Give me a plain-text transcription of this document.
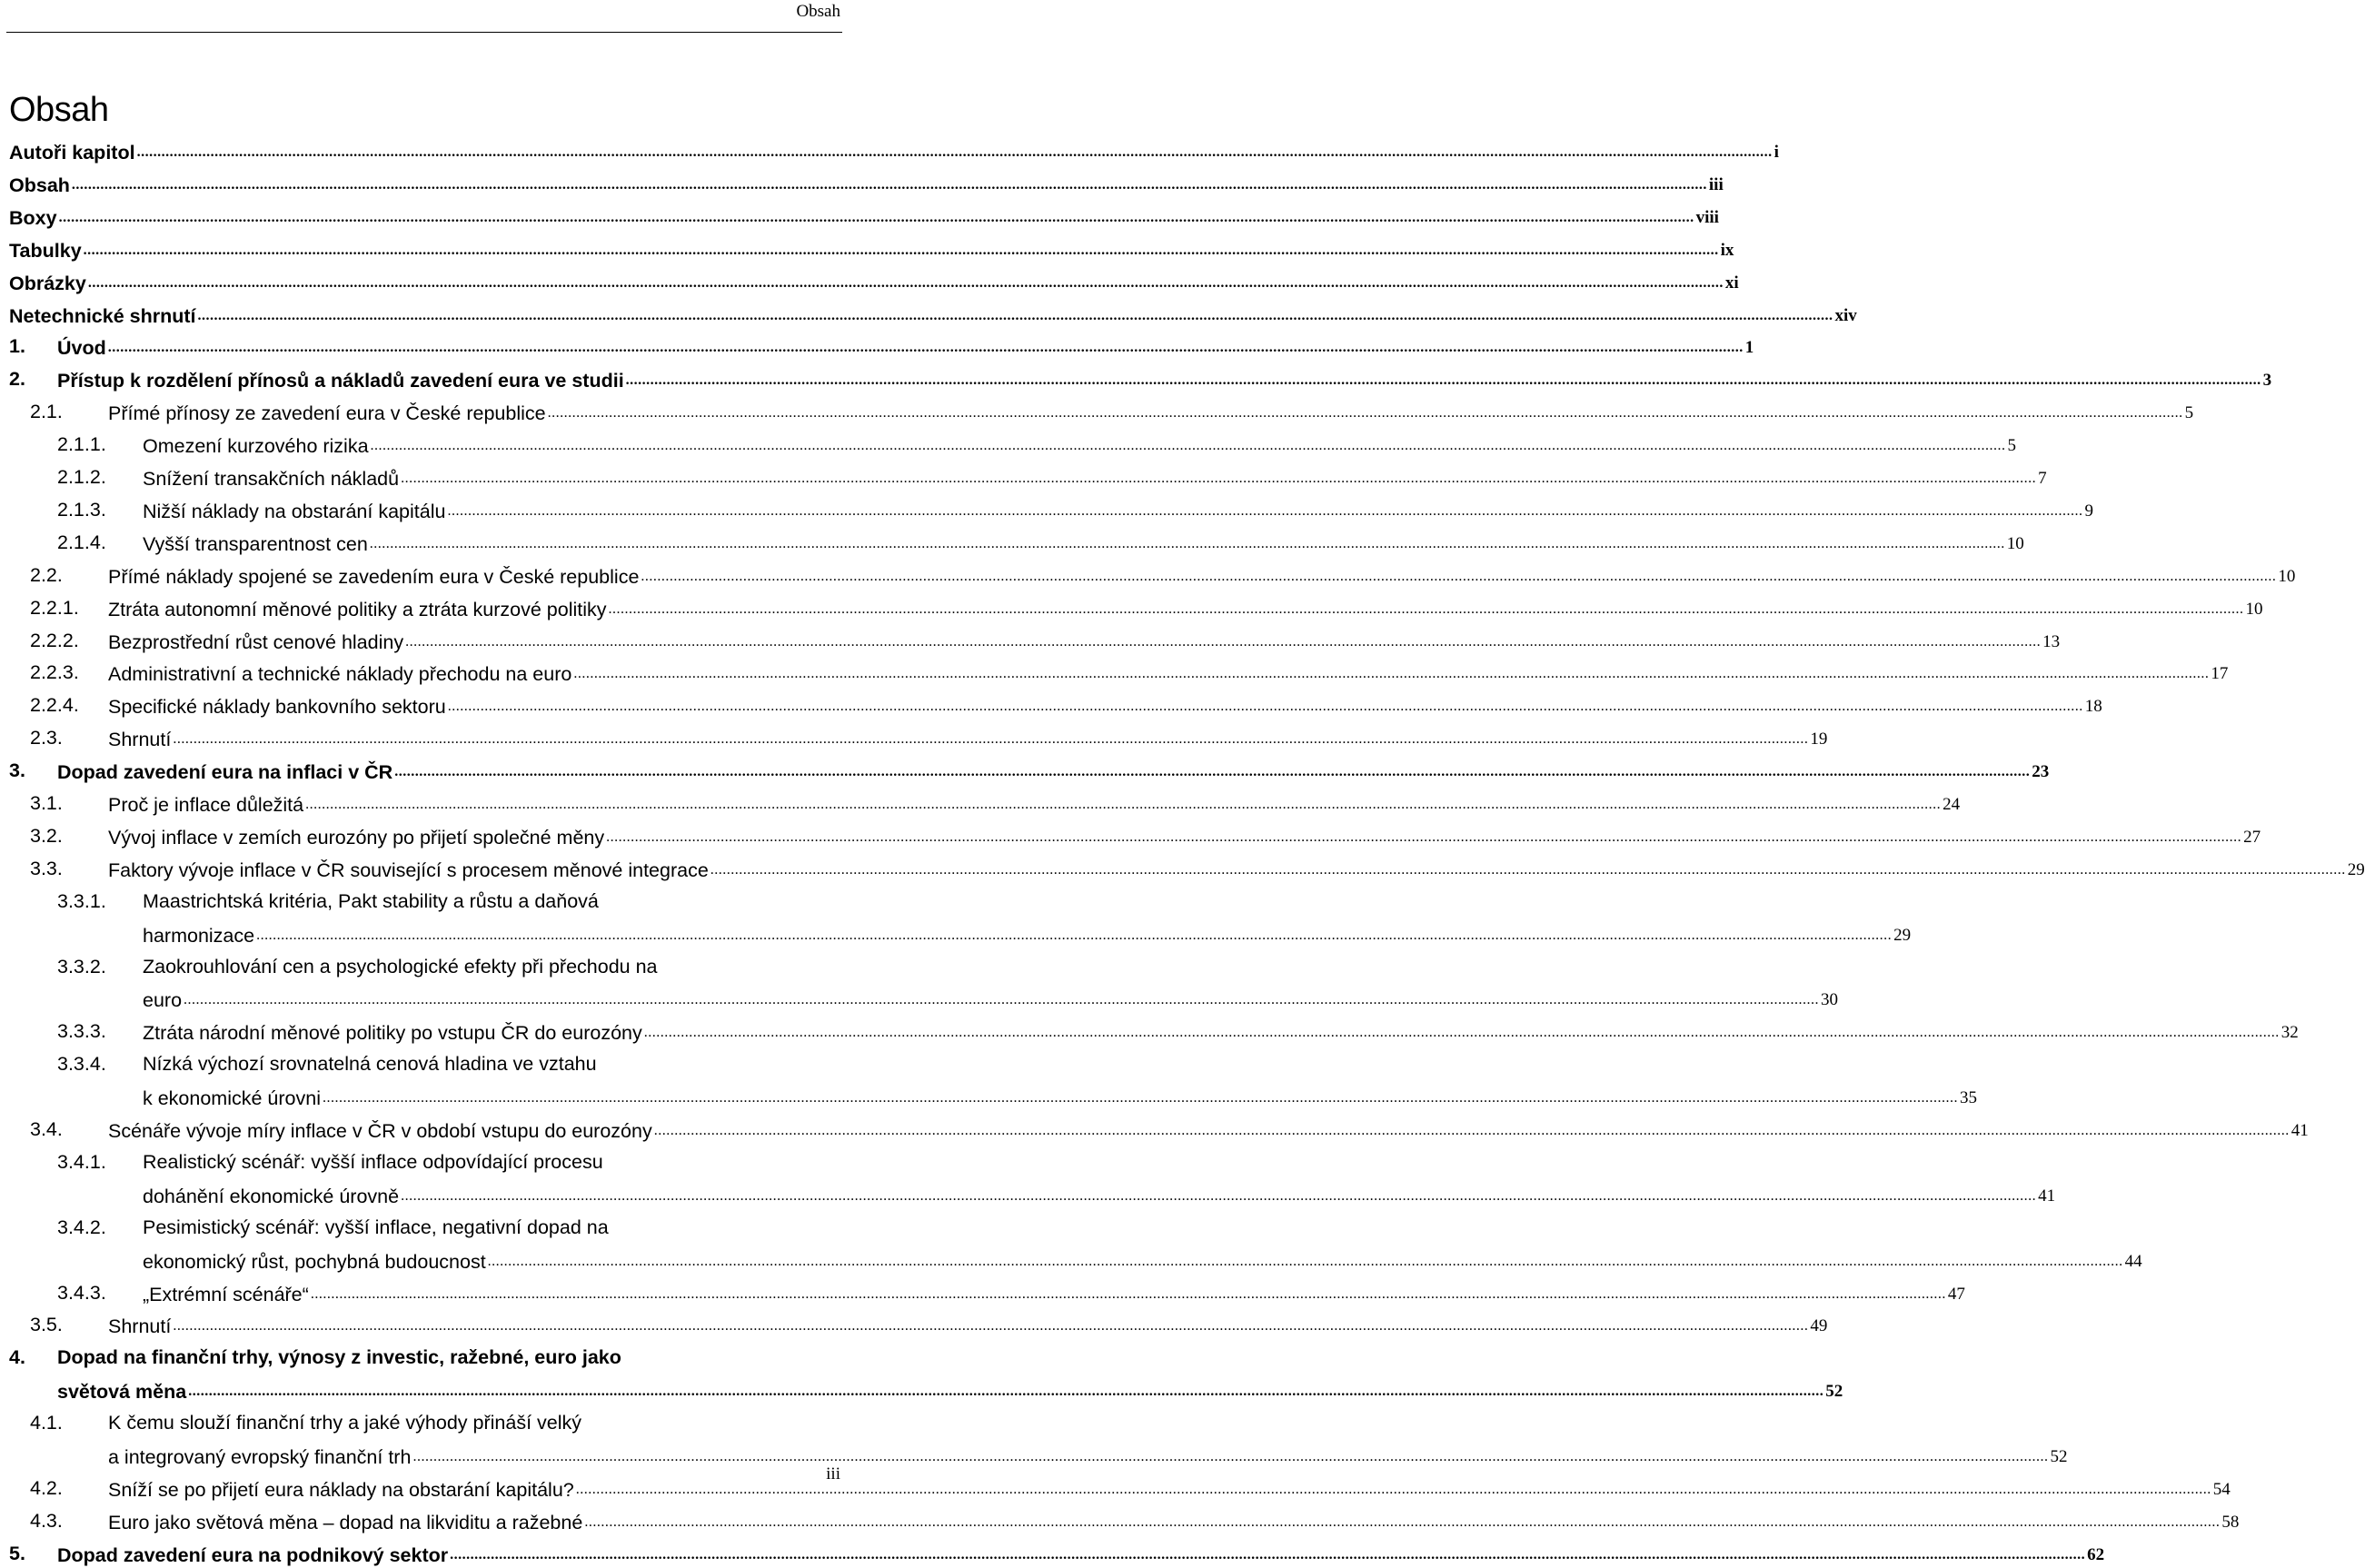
Obsah
Obsah
Autoři kapitol ................................................................................................................................................................................................................................................................................................................................................................................................................ i
Obsah ................................................................................................................................................................................................................................................................................................................................................................................................................ iii
Boxy ................................................................................................................................................................................................................................................................................................................................................................................................................ viii
Tabulky ................................................................................................................................................................................................................................................................................................................................................................................................................ ix
Obrázky ................................................................................................................................................................................................................................................................................................................................................................................................................ xi
Netechnické shrnutí ................................................................................................................................................................................................................................................................................................................................................................................................................ xiv
Úvod ................................................................................................................................................................................................................................................................................................................................................................................................................ 1
1.
Přístup k rozdělení přínosů a nákladů zavedení eura ve studii ................................................................................................................................................................................................................................................................................................................................................................................................................ 3
2.
Přímé přínosy ze zavedení eura v České republice ................................................................................................................................................................................................................................................................................................................................................................................................................ 5
2.1.
Omezení kurzového rizika ................................................................................................................................................................................................................................................................................................................................................................................................................ 5
2.1.1.
Snížení transakčních nákladů ................................................................................................................................................................................................................................................................................................................................................................................................................ 7
2.1.2.
Nižší náklady na obstarání kapitálu ................................................................................................................................................................................................................................................................................................................................................................................................................ 9
2.1.3.
Vyšší transparentnost cen ................................................................................................................................................................................................................................................................................................................................................................................................................ 10
2.1.4.
Přímé náklady spojené se zavedením eura v České republice ................................................................................................................................................................................................................................................................................................................................................................................................................ 10
2.2.
Ztráta autonomní měnové politiky a ztráta kurzové politiky ................................................................................................................................................................................................................................................................................................................................................................................................................ 10
2.2.1.
Bezprostřední růst cenové hladiny ................................................................................................................................................................................................................................................................................................................................................................................................................ 13
2.2.2.
Administrativní a technické náklady přechodu na euro ................................................................................................................................................................................................................................................................................................................................................................................................................ 17
2.2.3.
Specifické náklady bankovního sektoru ................................................................................................................................................................................................................................................................................................................................................................................................................ 18
2.2.4.
Shrnutí ................................................................................................................................................................................................................................................................................................................................................................................................................ 19
2.3.
Dopad zavedení eura na inflaci v ČR ................................................................................................................................................................................................................................................................................................................................................................................................................ 23
3.
Proč je inflace důležitá ................................................................................................................................................................................................................................................................................................................................................................................................................ 24
3.1.
Vývoj inflace v zemích eurozóny po přijetí společné měny ................................................................................................................................................................................................................................................................................................................................................................................................................ 27
3.2.
Faktory vývoje inflace v ČR související s procesem měnové integrace ................................................................................................................................................................................................................................................................................................................................................................................................................ 29
3.3.
Maastrichtská kritéria, Pakt stability a růstu a daňová
3.3.1.
harmonizace ................................................................................................................................................................................................................................................................................................................................................................................................................ 29
Zaokrouhlování cen a psychologické efekty při přechodu na
3.3.2.
euro ................................................................................................................................................................................................................................................................................................................................................................................................................ 30
Ztráta národní měnové politiky po vstupu ČR do eurozóny ................................................................................................................................................................................................................................................................................................................................................................................................................ 32
3.3.3.
Nízká výchozí srovnatelná cenová hladina ve vztahu
3.3.4.
k ekonomické úrovni ................................................................................................................................................................................................................................................................................................................................................................................................................ 35
Scénáře vývoje míry inflace v ČR v období vstupu do eurozóny ................................................................................................................................................................................................................................................................................................................................................................................................................ 41
3.4.
Realistický scénář: vyšší inflace odpovídající procesu
3.4.1.
dohánění ekonomické úrovně ................................................................................................................................................................................................................................................................................................................................................................................................................ 41
Pesimistický scénář: vyšší inflace, negativní dopad na
3.4.2.
ekonomický růst, pochybná budoucnost ................................................................................................................................................................................................................................................................................................................................................................................................................ 44
„Extrémní scénáře“ ................................................................................................................................................................................................................................................................................................................................................................................................................ 47
3.4.3.
Shrnutí ................................................................................................................................................................................................................................................................................................................................................................................................................ 49
3.5.
Dopad na finanční trhy, výnosy z investic, ražebné, euro jako
4.
světová měna ................................................................................................................................................................................................................................................................................................................................................................................................................ 52
K čemu slouží finanční trhy a jaké výhody přináší velký
4.1.
a integrovaný evropský finanční trh ................................................................................................................................................................................................................................................................................................................................................................................................................ 52
Sníží se po přijetí eura náklady na obstarání kapitálu? ................................................................................................................................................................................................................................................................................................................................................................................................................ 54
4.2.
Euro jako světová měna – dopad na likviditu a ražebné ................................................................................................................................................................................................................................................................................................................................................................................................................ 58
4.3.
Dopad zavedení eura na podnikový sektor ................................................................................................................................................................................................................................................................................................................................................................................................................ 62
5.
iii
